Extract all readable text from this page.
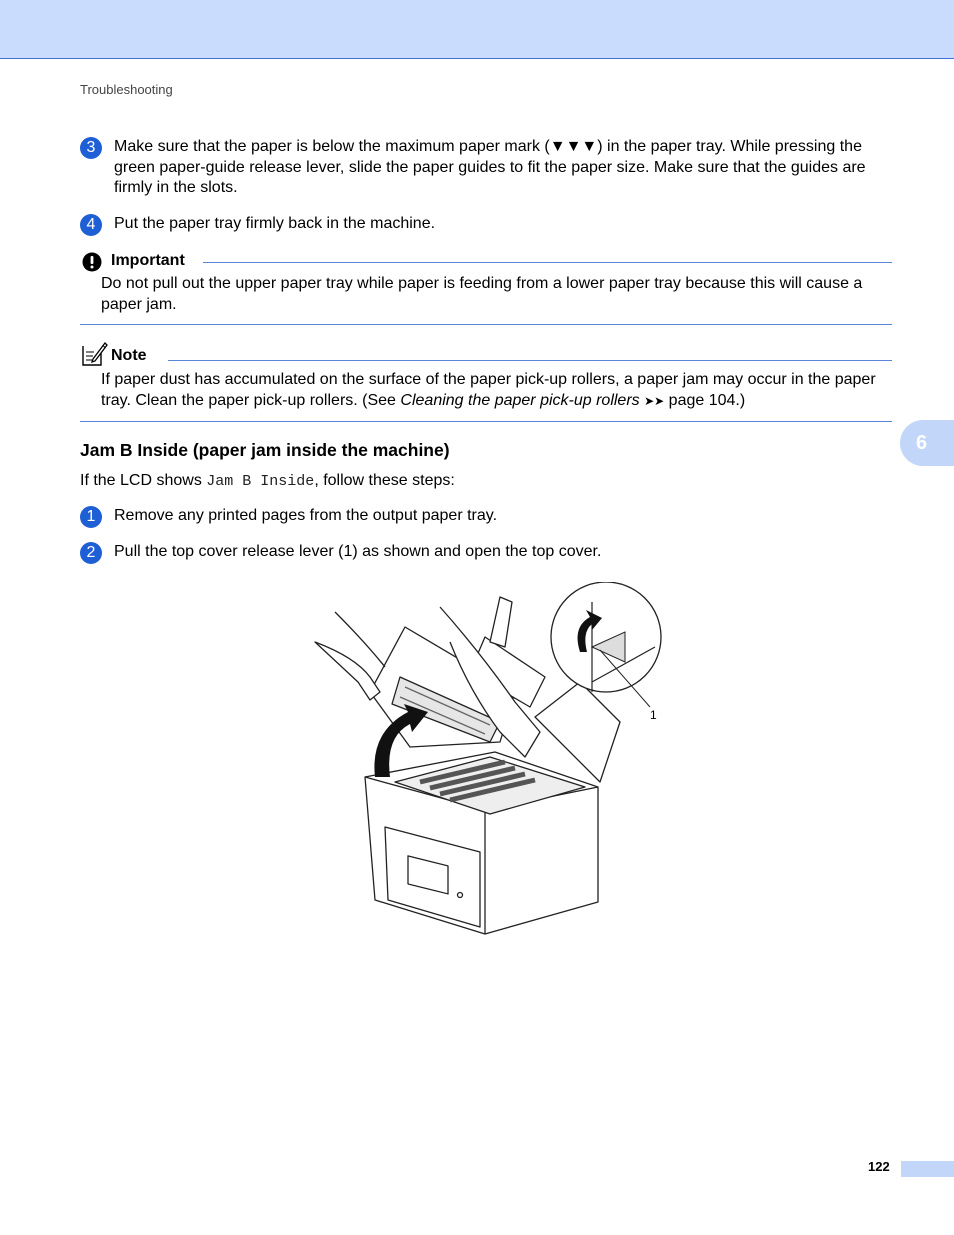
Troubleshooting
3	Make sure that the paper is below the maximum paper mark (▼▼▼) in the paper tray. While pressing the green paper-guide release lever, slide the paper guides to fit the paper size. Make sure that the guides are firmly in the slots.
4	Put the paper tray firmly back in the machine.
Important
Do not pull out the upper paper tray while paper is feeding from a lower paper tray because this will cause a paper jam.
Note
If paper dust has accumulated on the surface of the paper pick-up rollers, a paper jam may occur in the paper tray. Clean the paper pick-up rollers. (See Cleaning the paper pick-up rollers ➤➤ page 104.)
Jam B Inside (paper jam inside the machine)
If the LCD shows Jam B Inside, follow these steps:
1	Remove any printed pages from the output paper tray.
2	Pull the top cover release lever (1) as shown and open the top cover.
1
6
122
